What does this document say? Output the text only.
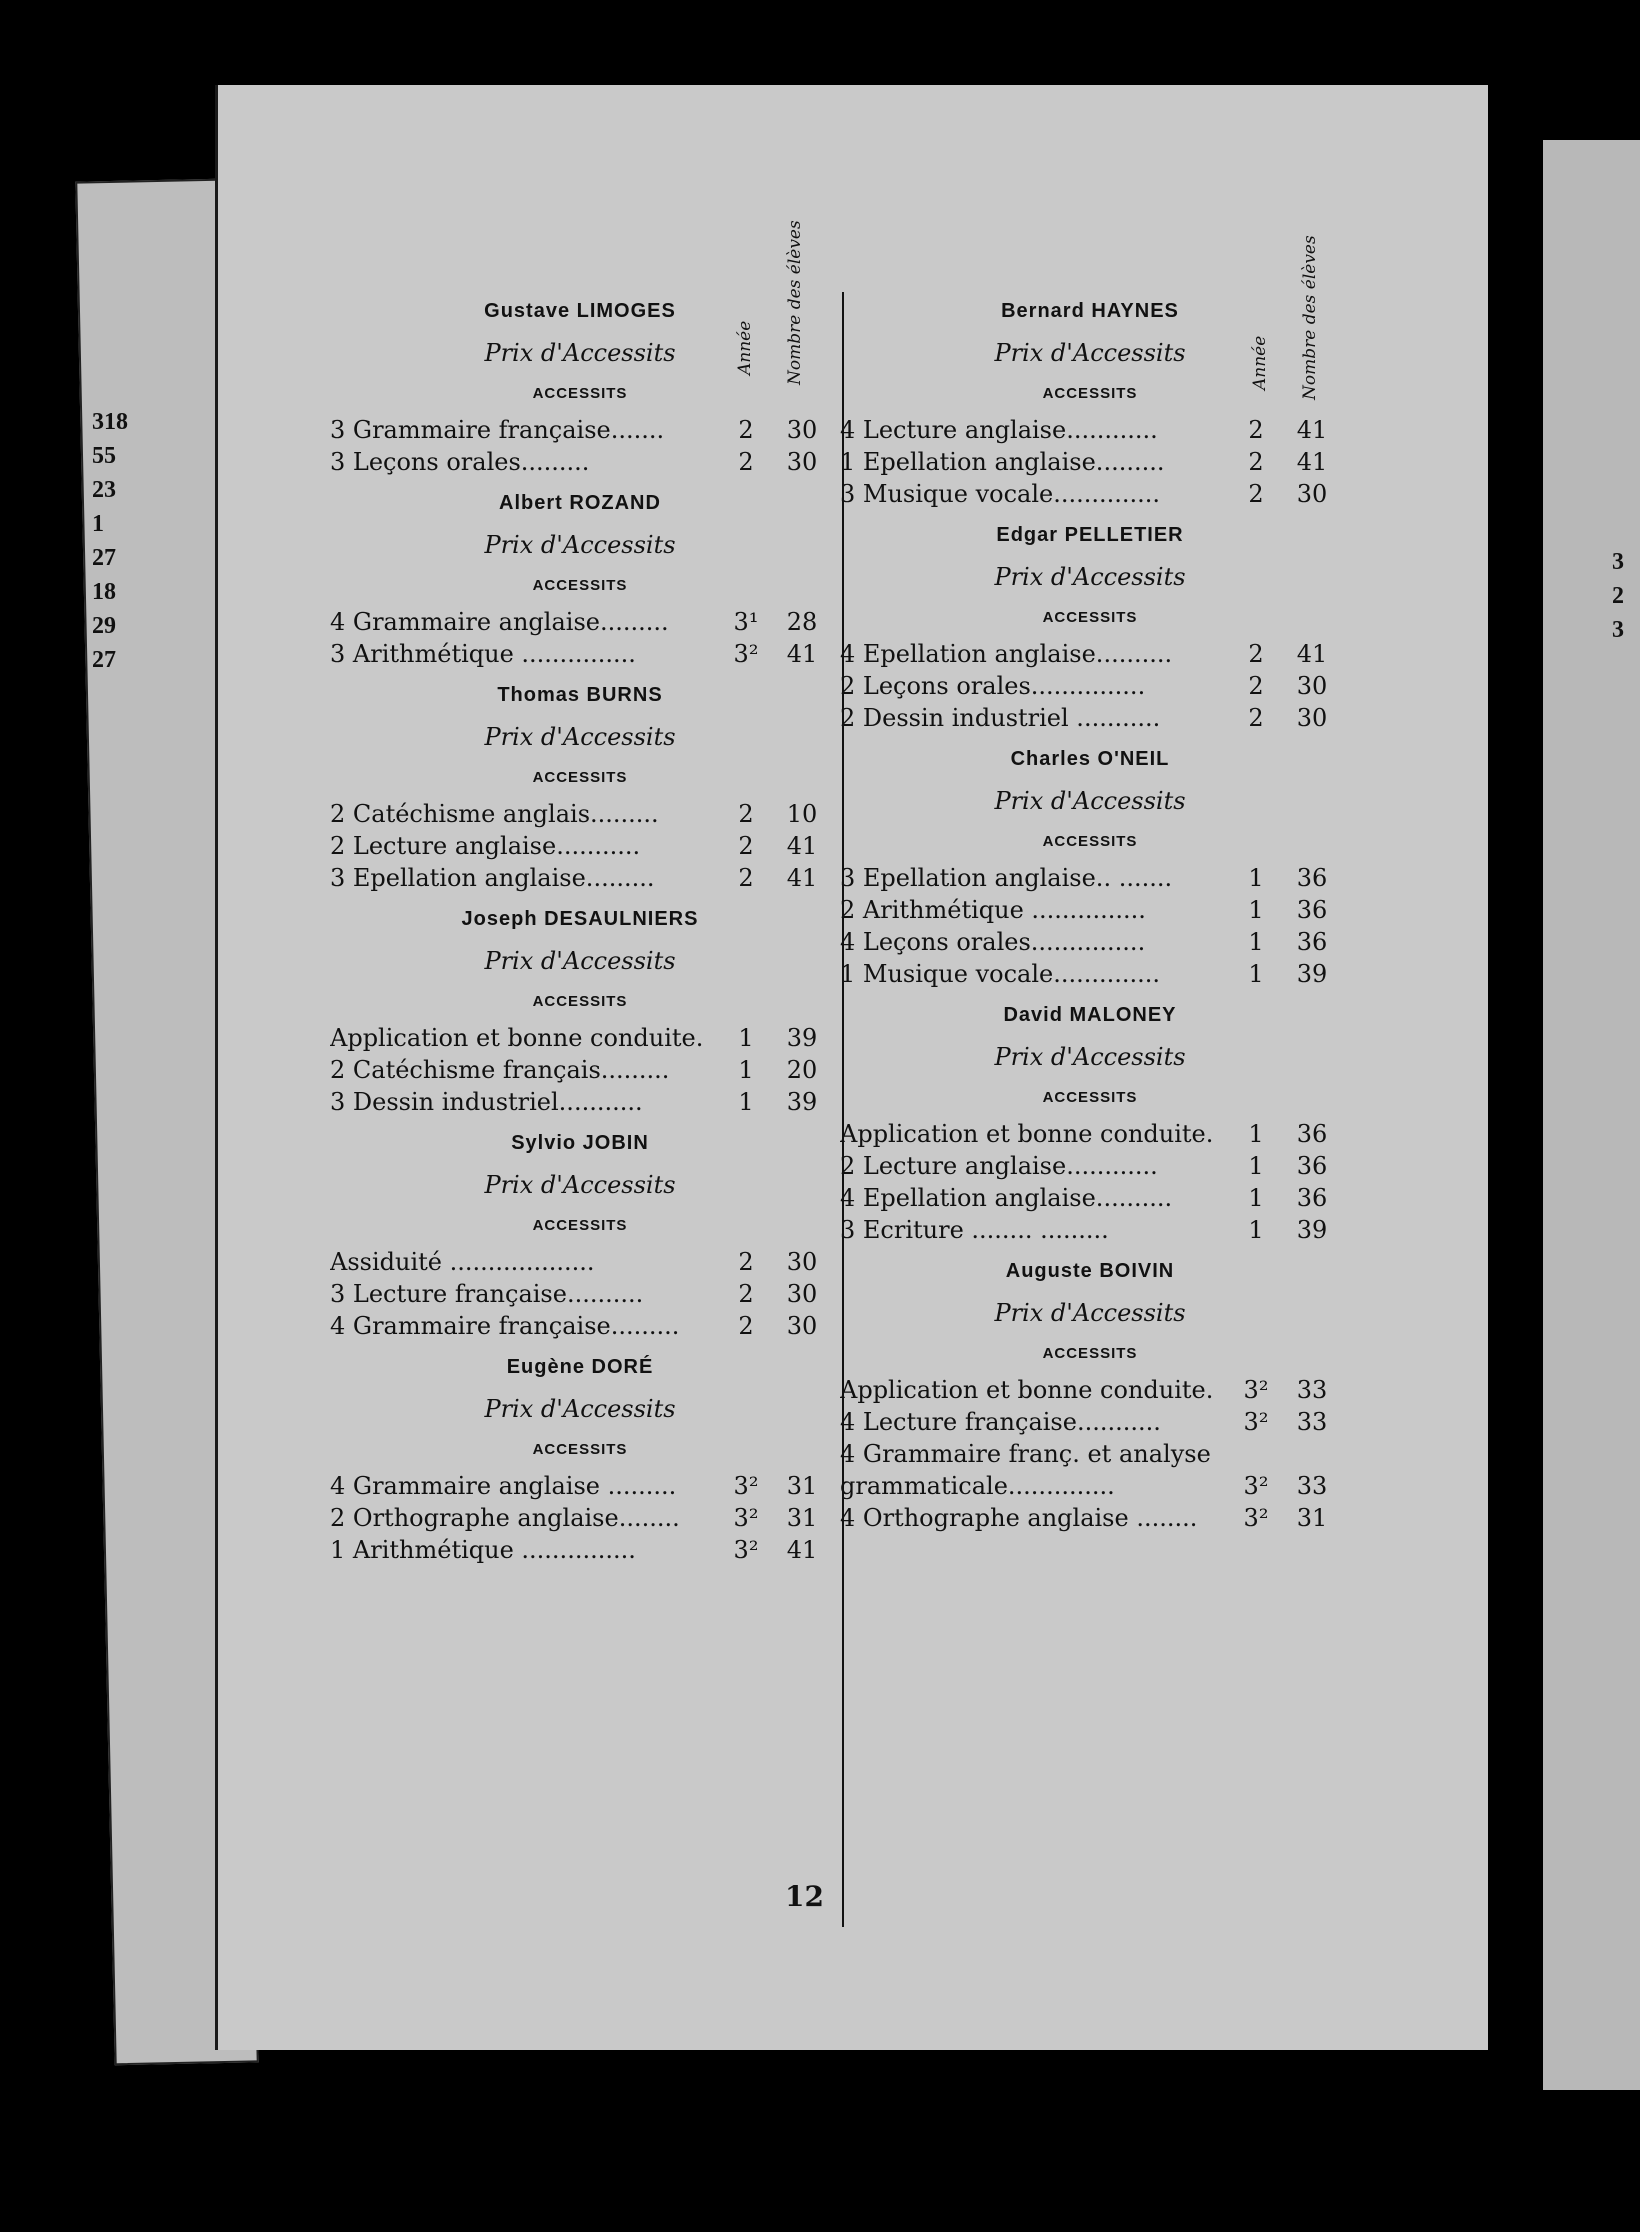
318
55
23
1
27
18
29
27
3
2
3
Année Nombre des élèves	Année Nombre des élèves
Gustave LIMOGES
Prix d'Accessits
ACCESSITS
3 Grammaire française.......	2	30
3 Leçons orales.........	2	30
Albert ROZAND
Prix d'Accessits
ACCESSITS
4 Grammaire anglaise.........	3¹	28
3 Arithmétique ...............	3²	41
Thomas BURNS
Prix d'Accessits
ACCESSITS
2 Catéchisme anglais.........	2	10
2 Lecture anglaise...........	2	41
3 Epellation anglaise.........	2	41
Joseph DESAULNIERS
Prix d'Accessits
ACCESSITS
Application et bonne conduite.	1	39
2 Catéchisme français.........	1	20
3 Dessin industriel...........	1	39
Sylvio JOBIN
Prix d'Accessits
ACCESSITS
Assiduité ...................	2	30
3 Lecture française..........	2	30
4 Grammaire française.........	2	30
Eugène DORÉ
Prix d'Accessits
ACCESSITS
4 Grammaire anglaise .........	3²	31
2 Orthographe anglaise........	3²	31
1 Arithmétique ...............	3²	41
Bernard HAYNES
Prix d'Accessits
ACCESSITS
4 Lecture anglaise............	2	41
1 Epellation anglaise.........	2	41
3 Musique vocale..............	2	30
Edgar PELLETIER
Prix d'Accessits
ACCESSITS
4 Epellation anglaise..........	2	41
2 Leçons orales...............	2	30
2 Dessin industriel ...........	2	30
Charles O'NEIL
Prix d'Accessits
ACCESSITS
3 Epellation anglaise.. .......	1	36
2 Arithmétique ...............	1	36
4 Leçons orales...............	1	36
1 Musique vocale..............	1	39
David MALONEY
Prix d'Accessits
ACCESSITS
Application et bonne conduite.	1	36
2 Lecture anglaise............	1	36
4 Epellation anglaise..........	1	36
3 Ecriture ........ .........	1	39
Auguste BOIVIN
Prix d'Accessits
ACCESSITS
Application et bonne conduite.	3²	33
4 Lecture française...........	3²	33
4 Grammaire franç. et analyse
grammaticale..............	3²	33
4 Orthographe anglaise ........	3²	31
12
